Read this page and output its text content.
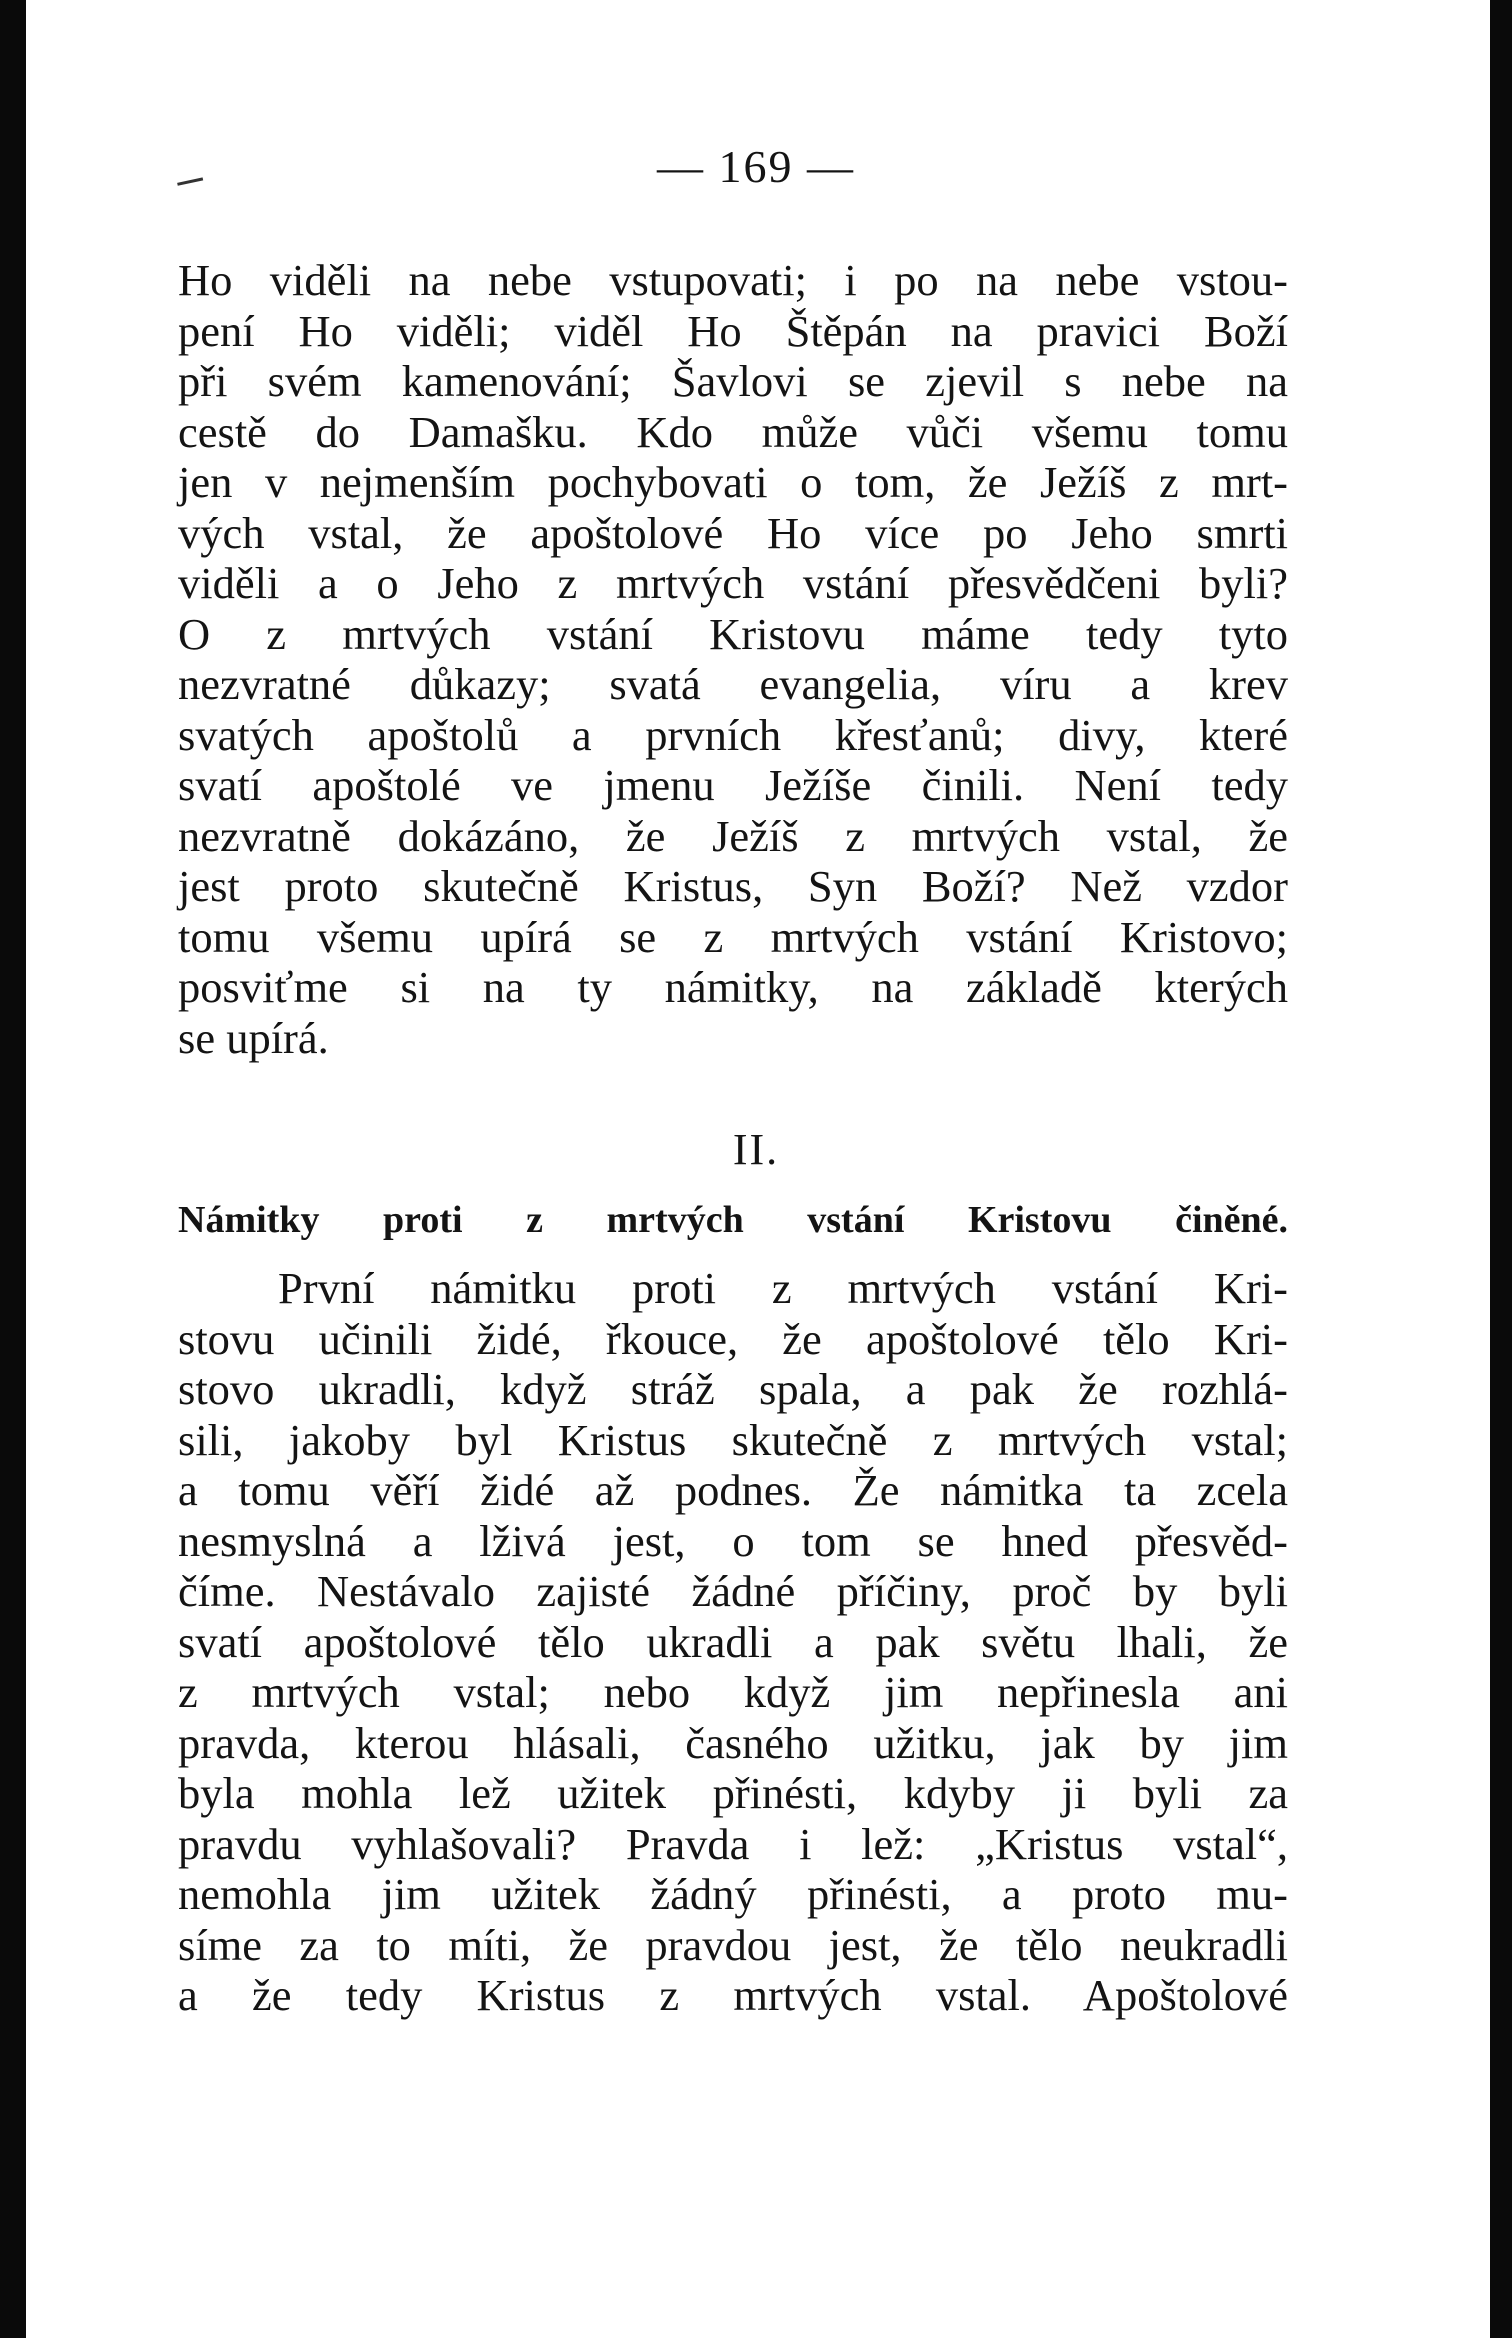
— 169 —
Ho viděli na nebe vstupovati; i po na nebe vstou-
pení Ho viděli; viděl Ho Štěpán na pravici Boží
při svém kamenování; Šavlovi se zjevil s nebe na
cestě do Damašku. Kdo může vůči všemu tomu
jen v nejmenším pochybovati o tom, že Ježíš z mrt-
vých vstal, že apoštolové Ho více po Jeho smrti
viděli a o Jeho z mrtvých vstání přesvědčeni byli?
O z mrtvých vstání Kristovu máme tedy tyto
nezvratné důkazy; svatá evangelia, víru a krev
svatých apoštolů a prvních křesťanů; divy, které
svatí apoštolé ve jmenu Ježíše činili. Není tedy
nezvratně dokázáno, že Ježíš z mrtvých vstal, že
jest proto skutečně Kristus, Syn Boží? Než vzdor
tomu všemu upírá se z mrtvých vstání Kristovo;
posviťme si na ty námitky, na základě kterých
se upírá.
II.
Námitky proti z mrtvých vstání Kristovu činěné.
První námitku proti z mrtvých vstání Kri-
stovu učinili židé, řkouce, že apoštolové tělo Kri-
stovo ukradli, když stráž spala, a pak že rozhlá-
sili, jakoby byl Kristus skutečně z mrtvých vstal;
a tomu věří židé až podnes. Že námitka ta zcela
nesmyslná a lživá jest, o tom se hned přesvěd-
číme. Nestávalo zajisté žádné příčiny, proč by byli
svatí apoštolové tělo ukradli a pak světu lhali, že
z mrtvých vstal; nebo když jim nepřinesla ani
pravda, kterou hlásali, časného užitku, jak by jim
byla mohla lež užitek přinésti, kdyby ji byli za
pravdu vyhlašovali? Pravda i lež: „Kristus vstal“,
nemohla jim užitek žádný přinésti, a proto mu-
síme za to míti, že pravdou jest, že tělo neukradli
a že tedy Kristus z mrtvých vstal. Apoštolové
